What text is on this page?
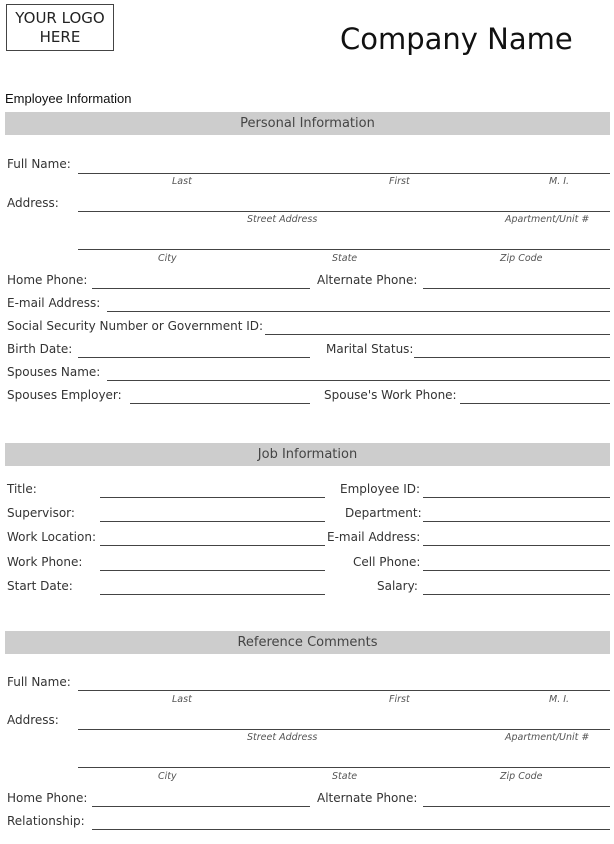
YOUR LOGO
HERE	Company Name
Employee Information
Personal Information
Full Name:
Last	First	M. I.
Address:
Street Address	Apartment/Unit #
City	State	Zip Code
Home Phone:	Alternate Phone:
E-mail Address:
Social Security Number or Government ID:
Birth Date:	Marital Status:
Spouses Name:
Spouses Employer:	Spouse's Work Phone:
Job Information
Title:	Employee ID:
Supervisor:	Department:
Work Location:	E-mail Address:
Work Phone:	Cell Phone:
Start Date:	Salary:
Reference Comments
Full Name:
Last	First	M. I.
Address:
Street Address	Apartment/Unit #
City	State	Zip Code
Home Phone:	Alternate Phone:
Relationship:
